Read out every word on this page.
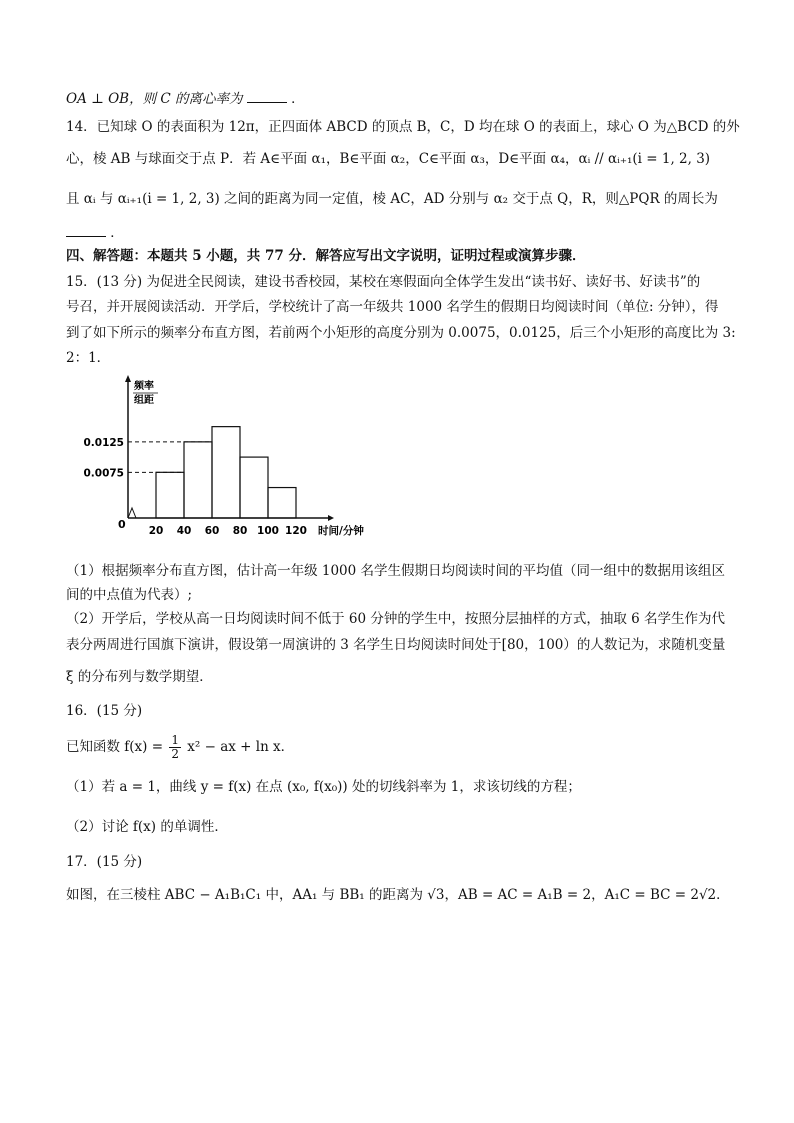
OA ⊥ OB，则 C 的离心率为	．
14．已知球 O 的表面积为 12π，正四面体 ABCD 的顶点 B，C，D 均在球 O 的表面上，球心 O 为△BCD 的外
心，棱 AB 与球面交于点 P．若 A∈平面 α₁，B∈平面 α₂，C∈平面 α₃，D∈平面 α₄，αᵢ // αᵢ₊₁(i = 1, 2, 3)
且 αᵢ 与 αᵢ₊₁(i = 1, 2, 3) 之间的距离为同一定值，棱 AC，AD 分别与 α₂ 交于点 Q，R，则△PQR 的周长为
．
四、解答题：本题共 5 小题，共 77 分．解答应写出文字说明，证明过程或演算步骤．
15．(13 分) 为促进全民阅读，建设书香校园，某校在寒假面向全体学生发出“读书好、读好书、好读书”的
号召，并开展阅读活动．开学后，学校统计了高一年级共 1000 名学生的假期日均阅读时间（单位: 分钟），得
到了如下所示的频率分布直方图，若前两个小矩形的高度分别为 0.0075，0.0125，后三个小矩形的高度比为 3:
2：1．
频率
组距
0.0125
0.0075
20 40 60 80 100 120
0	时间/分钟
（1）根据频率分布直方图，估计高一年级 1000 名学生假期日均阅读时间的平均值（同一组中的数据用该组区
间的中点值为代表）;
（2）开学后，学校从高一日均阅读时间不低于 60 分钟的学生中，按照分层抽样的方式，抽取 6 名学生作为代
表分两周进行国旗下演讲，假设第一周演讲的 3 名学生日均阅读时间处于[80，100）的人数记为，求随机变量
ξ 的分布列与数学期望．
16．(15 分)
已知函数 $f(x) = \frac{1}{2} x^2$ − ax + ln x．
（1）若 a = 1，曲线 y = f(x) 在点 (x₀, f(x₀)) 处的切线斜率为 1，求该切线的方程；
（2）讨论 f(x) 的单调性．
17．(15 分)
如图，在三棱柱 ABC − A₁B₁C₁ 中，AA₁ 与 BB₁ 的距离为 √3，AB = AC = A₁B = 2，A₁C = BC = 2√2．
